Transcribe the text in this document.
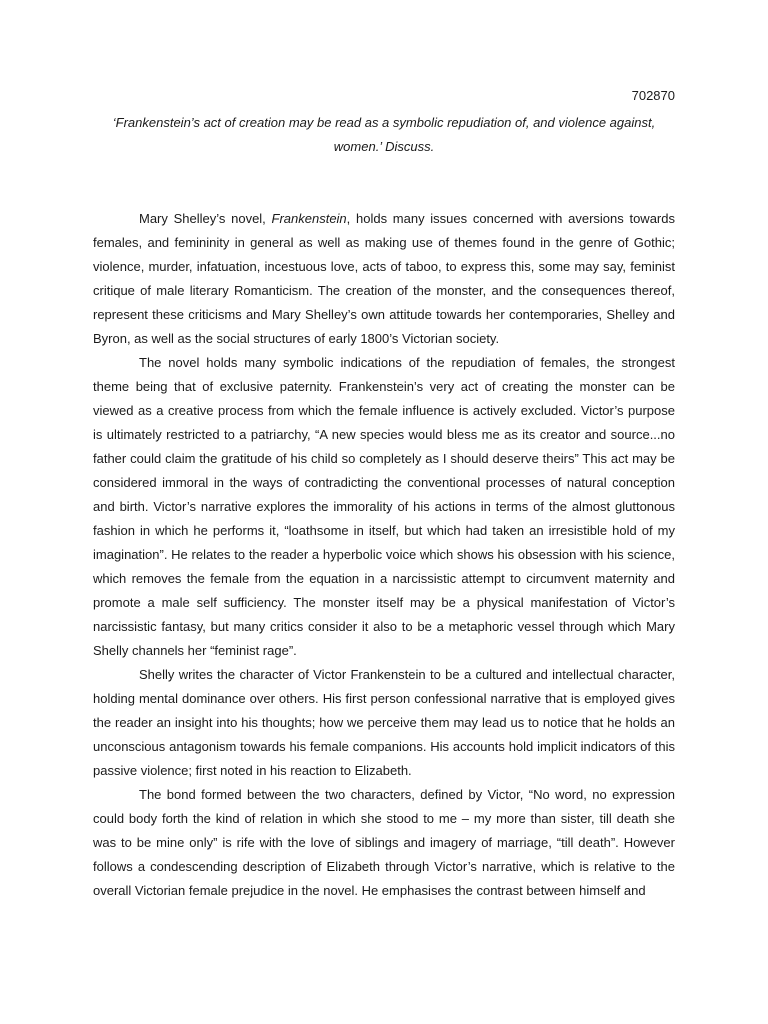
702870
‘Frankenstein’s act of creation may be read as a symbolic repudiation of, and violence against, women.’ Discuss.

Mary Shelley’s novel, Frankenstein, holds many issues concerned with aversions towards females, and femininity in general as well as making use of themes found in the genre of Gothic; violence, murder, infatuation, incestuous love, acts of taboo, to express this, some may say, feminist critique of male literary Romanticism. The creation of the monster, and the consequences thereof, represent these criticisms and Mary Shelley’s own attitude towards her contemporaries, Shelley and Byron, as well as the social structures of early 1800’s Victorian society.

The novel holds many symbolic indications of the repudiation of females, the strongest theme being that of exclusive paternity. Frankenstein’s very act of creating the monster can be viewed as a creative process from which the female influence is actively excluded. Victor’s purpose is ultimately restricted to a patriarchy, “A new species would bless me as its creator and source...no father could claim the gratitude of his child so completely as I should deserve theirs” This act may be considered immoral in the ways of contradicting the conventional processes of natural conception and birth. Victor’s narrative explores the immorality of his actions in terms of the almost gluttonous fashion in which he performs it, “loathsome in itself, but which had taken an irresistible hold of my imagination”. He relates to the reader a hyperbolic voice which shows his obsession with his science, which removes the female from the equation in a narcissistic attempt to circumvent maternity and promote a male self sufficiency. The monster itself may be a physical manifestation of Victor’s narcissistic fantasy, but many critics consider it also to be a metaphoric vessel through which Mary Shelly channels her “feminist rage”.

Shelly writes the character of Victor Frankenstein to be a cultured and intellectual character, holding mental dominance over others. His first person confessional narrative that is employed gives the reader an insight into his thoughts; how we perceive them may lead us to notice that he holds an unconscious antagonism towards his female companions. His accounts hold implicit indicators of this passive violence; first noted in his reaction to Elizabeth.

The bond formed between the two characters, defined by Victor, “No word, no expression could body forth the kind of relation in which she stood to me – my more than sister, till death she was to be mine only” is rife with the love of siblings and imagery of marriage, “till death”. However follows a condescending description of Elizabeth through Victor’s narrative, which is relative to the overall Victorian female prejudice in the novel. He emphasises the contrast between himself and
